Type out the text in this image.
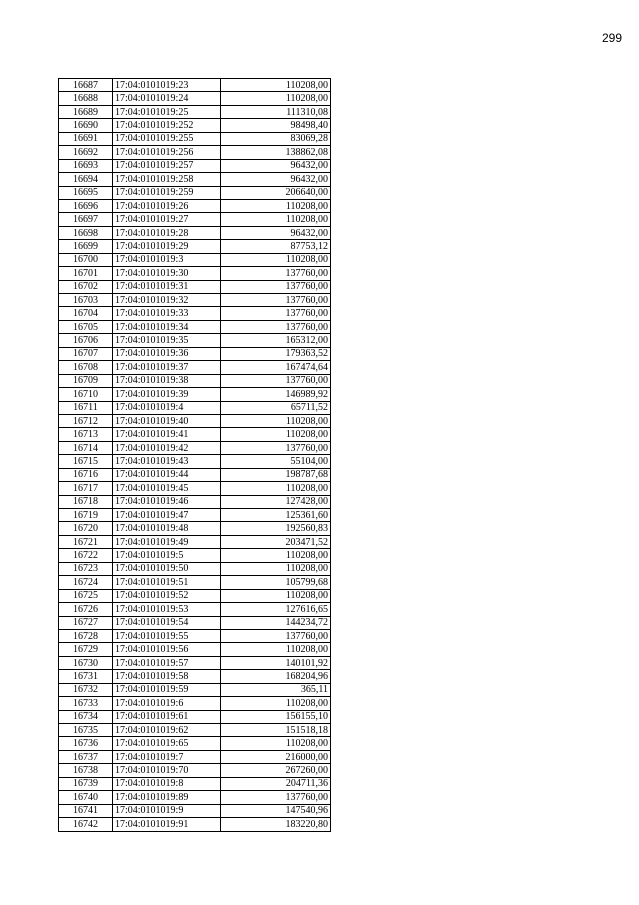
299
16687	17:04:0101019:23	110208,00
16688	17:04:0101019:24	110208,00
16689	17:04:0101019:25	111310,08
16690	17:04:0101019:252	98498,40
16691	17:04:0101019:255	83069,28
16692	17:04:0101019:256	138862,08
16693	17:04:0101019:257	96432,00
16694	17:04:0101019:258	96432,00
16695	17:04:0101019:259	206640,00
16696	17:04:0101019:26	110208,00
16697	17:04:0101019:27	110208,00
16698	17:04:0101019:28	96432,00
16699	17:04:0101019:29	87753,12
16700	17:04:0101019:3	110208,00
16701	17:04:0101019:30	137760,00
16702	17:04:0101019:31	137760,00
16703	17:04:0101019:32	137760,00
16704	17:04:0101019:33	137760,00
16705	17:04:0101019:34	137760,00
16706	17:04:0101019:35	165312,00
16707	17:04:0101019:36	179363,52
16708	17:04:0101019:37	167474,64
16709	17:04:0101019:38	137760,00
16710	17:04:0101019:39	146989,92
16711	17:04:0101019:4	65711,52
16712	17:04:0101019:40	110208,00
16713	17:04:0101019:41	110208,00
16714	17:04:0101019:42	137760,00
16715	17:04:0101019:43	55104,00
16716	17:04:0101019:44	198787,68
16717	17:04:0101019:45	110208,00
16718	17:04:0101019:46	127428,00
16719	17:04:0101019:47	125361,60
16720	17:04:0101019:48	192560,83
16721	17:04:0101019:49	203471,52
16722	17:04:0101019:5	110208,00
16723	17:04:0101019:50	110208,00
16724	17:04:0101019:51	105799,68
16725	17:04:0101019:52	110208,00
16726	17:04:0101019:53	127616,65
16727	17:04:0101019:54	144234,72
16728	17:04:0101019:55	137760,00
16729	17:04:0101019:56	110208,00
16730	17:04:0101019:57	140101,92
16731	17:04:0101019:58	168204,96
16732	17:04:0101019:59	365,11
16733	17:04:0101019:6	110208,00
16734	17:04:0101019:61	156155,10
16735	17:04:0101019:62	151518,18
16736	17:04:0101019:65	110208,00
16737	17:04:0101019:7	216000,00
16738	17:04:0101019:70	267260,00
16739	17:04:0101019:8	204711,36
16740	17:04:0101019:89	137760,00
16741	17:04:0101019:9	147540,96
16742	17:04:0101019:91	183220,80
